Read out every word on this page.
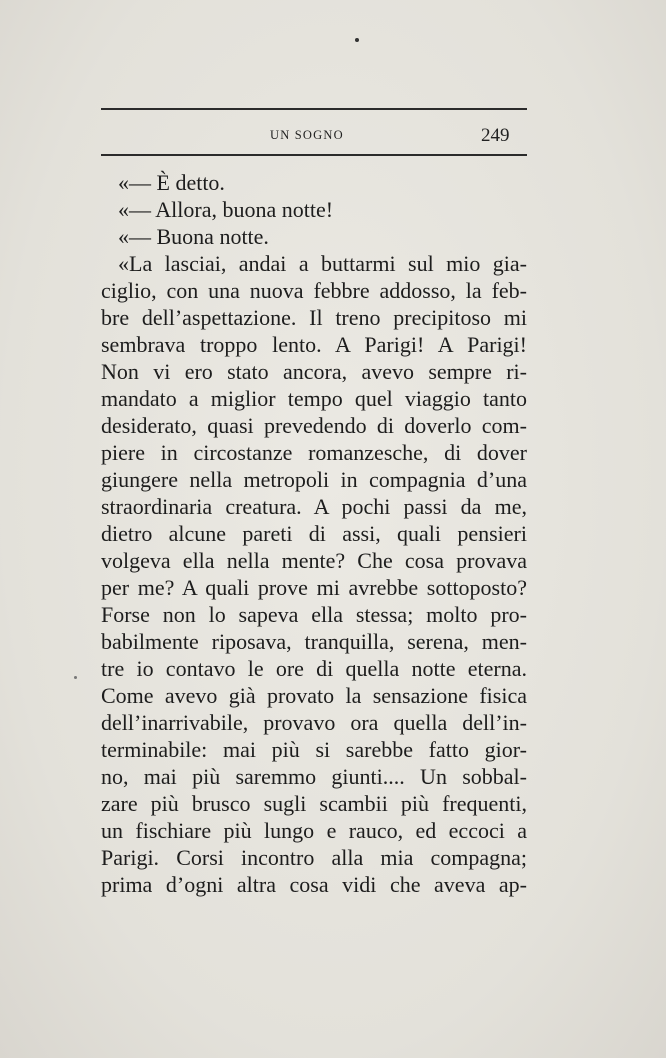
UN SOGNO	249

«— È detto.

«— Allora, buona notte!

«— Buona notte.

«La lasciai, andai a buttarmi sul mio gia-

ciglio, con una nuova febbre addosso, la feb-

bre dell’aspettazione. Il treno precipitoso mi

sembrava troppo lento. A Parigi! A Parigi!

Non vi ero stato ancora, avevo sempre ri-

mandato a miglior tempo quel viaggio tanto

desiderato, quasi prevedendo di doverlo com-

piere in circostanze romanzesche, di dover

giungere nella metropoli in compagnia d’una

straordinaria creatura. A pochi passi da me,

dietro alcune pareti di assi, quali pensieri

volgeva ella nella mente? Che cosa provava

per me? A quali prove mi avrebbe sottoposto?

Forse non lo sapeva ella stessa; molto pro-

babilmente riposava, tranquilla, serena, men-

tre io contavo le ore di quella notte eterna.

Come avevo già provato la sensazione fisica

dell’inarrivabile, provavo ora quella dell’in-

terminabile: mai più si sarebbe fatto gior-

no, mai più saremmo giunti.... Un sobbal-

zare più brusco sugli scambii più frequenti,

un fischiare più lungo e rauco, ed eccoci a

Parigi. Corsi incontro alla mia compagna;

prima d’ogni altra cosa vidi che aveva ap-
